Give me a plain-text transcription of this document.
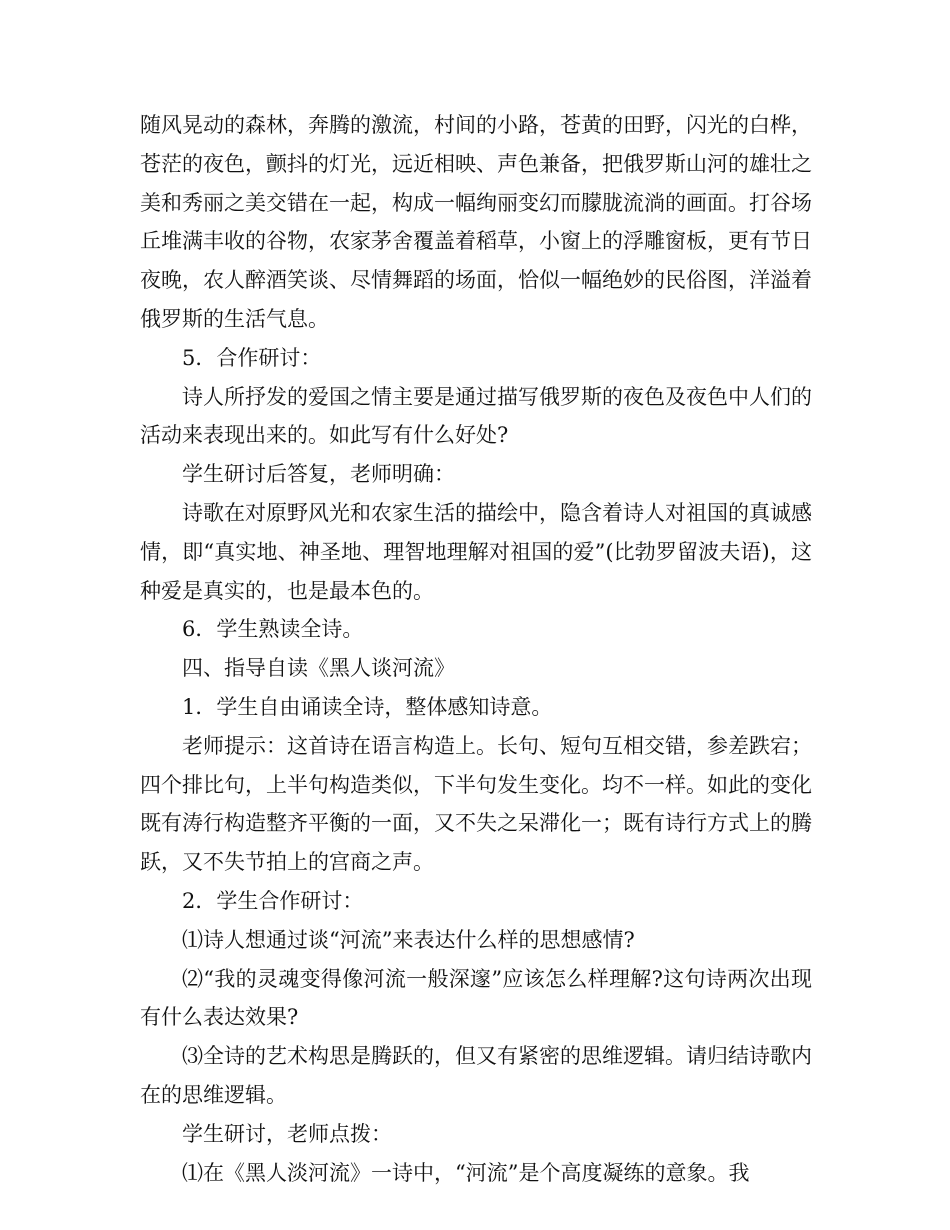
随风晃动的森林，奔腾的激流，村间的小路，苍黄的田野，闪光的白桦，苍茫的夜色，颤抖的灯光，远近相映、声色兼备，把俄罗斯山河的雄壮之美和秀丽之美交错在一起，构成一幅绚丽变幻而朦胧流淌的画面。打谷场丘堆满丰收的谷物，农家茅舍覆盖着稻草，小窗上的浮雕窗板，更有节日夜晚，农人醉酒笑谈、尽情舞蹈的场面，恰似一幅绝妙的民俗图，洋溢着俄罗斯的生活气息。

5．合作研讨：

诗人所抒发的爱国之情主要是通过描写俄罗斯的夜色及夜色中人们的活动来表现出来的。如此写有什么好处?

学生研讨后答复，老师明确：

诗歌在对原野风光和农家生活的描绘中，隐含着诗人对祖国的真诚感情，即“真实地、神圣地、理智地理解对祖国的爱”(比勃罗留波夫语)，这种爱是真实的，也是最本色的。

6．学生熟读全诗。

四、指导自读《黑人谈河流》

1．学生自由诵读全诗，整体感知诗意。

老师提示：这首诗在语言构造上。长句、短句互相交错，参差跌宕；四个排比句，上半句构造类似，下半句发生变化。均不一样。如此的变化既有涛行构造整齐平衡的一面，又不失之呆滞化一；既有诗行方式上的腾跃，又不失节拍上的宫商之声。

2．学生合作研讨：

⑴诗人想通过谈“河流”来表达什么样的思想感情?

⑵“我的灵魂变得像河流一般深邃”应该怎么样理解?这句诗两次出现有什么表达效果?

⑶全诗的艺术构思是腾跃的，但又有紧密的思维逻辑。请归结诗歌内在的思维逻辑。

学生研讨，老师点拨：

⑴在《黑人淡河流》一诗中，“河流”是个高度凝练的意象。我
